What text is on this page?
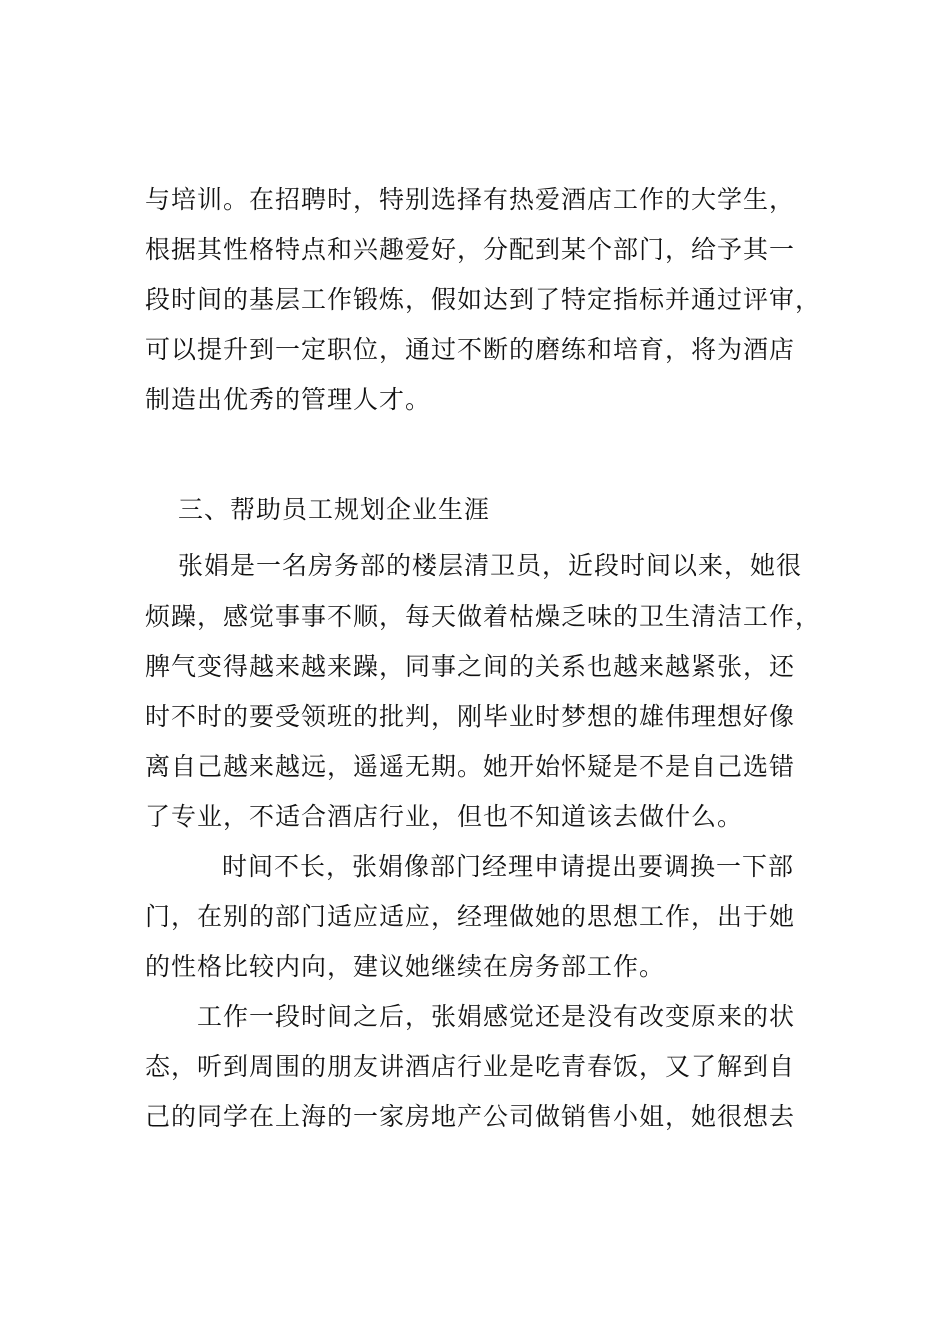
与培训。在招聘时，特别选择有热爱酒店工作的大学生，
根据其性格特点和兴趣爱好，分配到某个部门，给予其一
段时间的基层工作锻炼，假如达到了特定指标并通过评审，
可以提升到一定职位，通过不断的磨练和培育，将为酒店
制造出优秀的管理人才。
三、帮助员工规划企业生涯
张娟是一名房务部的楼层清卫员，近段时间以来，她很
烦躁，感觉事事不顺，每天做着枯燥乏味的卫生清洁工作，
脾气变得越来越来躁，同事之间的关系也越来越紧张，还
时不时的要受领班的批判，刚毕业时梦想的雄伟理想好像
离自己越来越远，遥遥无期。她开始怀疑是不是自己选错
了专业，不适合酒店行业，但也不知道该去做什么。
时间不长，张娟像部门经理申请提出要调换一下部
门，在别的部门适应适应，经理做她的思想工作，出于她
的性格比较内向，建议她继续在房务部工作。
工作一段时间之后，张娟感觉还是没有改变原来的状
态，听到周围的朋友讲酒店行业是吃青春饭，又了解到自
己的同学在上海的一家房地产公司做销售小姐，她很想去
